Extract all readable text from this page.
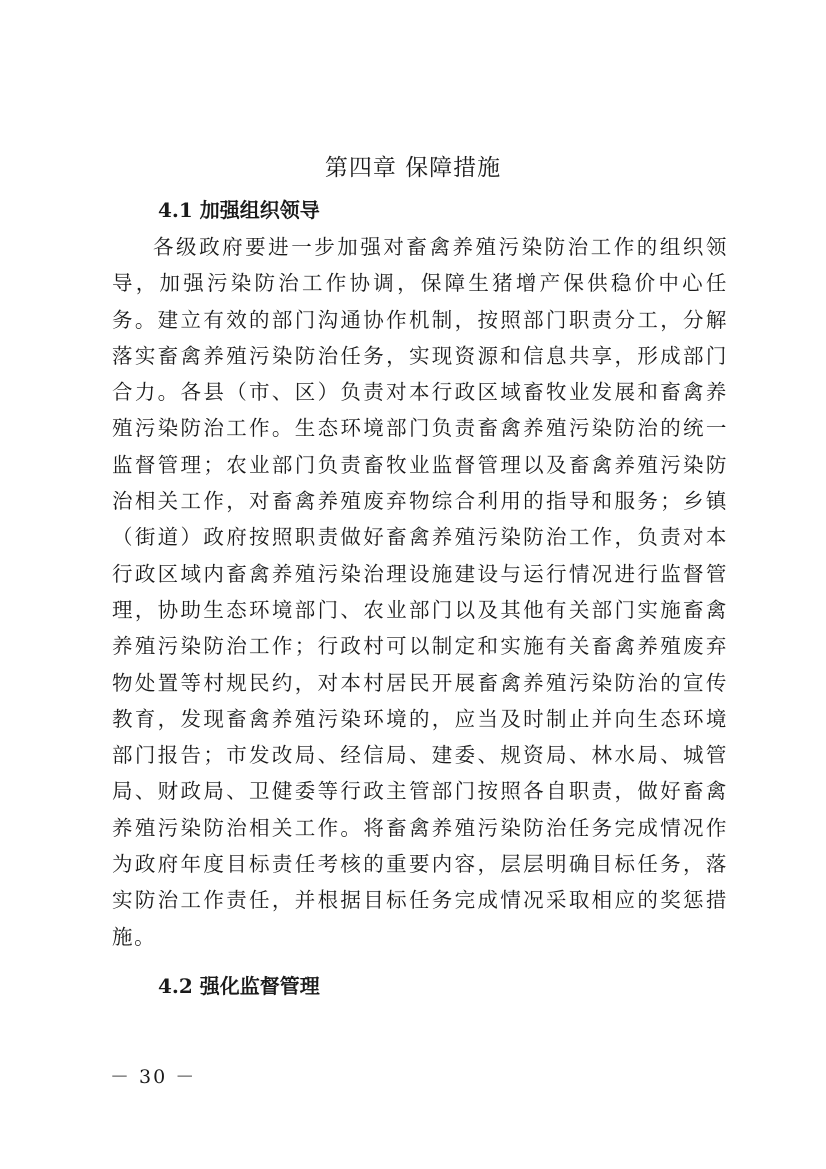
第四章 保障措施
4.1 加强组织领导

各级政府要进一步加强对畜禽养殖污染防治工作的组织领导，加强污染防治工作协调，保障生猪增产保供稳价中心任务。建立有效的部门沟通协作机制，按照部门职责分工，分解落实畜禽养殖污染防治任务，实现资源和信息共享，形成部门合力。各县（市、区）负责对本行政区域畜牧业发展和畜禽养殖污染防治工作。生态环境部门负责畜禽养殖污染防治的统一监督管理；农业部门负责畜牧业监督管理以及畜禽养殖污染防治相关工作，对畜禽养殖废弃物综合利用的指导和服务；乡镇（街道）政府按照职责做好畜禽养殖污染防治工作，负责对本行政区域内畜禽养殖污染治理设施建设与运行情况进行监督管理，协助生态环境部门、农业部门以及其他有关部门实施畜禽养殖污染防治工作；行政村可以制定和实施有关畜禽养殖废弃物处置等村规民约，对本村居民开展畜禽养殖污染防治的宣传教育，发现畜禽养殖污染环境的，应当及时制止并向生态环境部门报告；市发改局、经信局、建委、规资局、林水局、城管局、财政局、卫健委等行政主管部门按照各自职责，做好畜禽养殖污染防治相关工作。将畜禽养殖污染防治任务完成情况作为政府年度目标责任考核的重要内容，层层明确目标任务，落实防治工作责任，并根据目标任务完成情况采取相应的奖惩措施。

4.2 强化监督管理
－ 30 －
